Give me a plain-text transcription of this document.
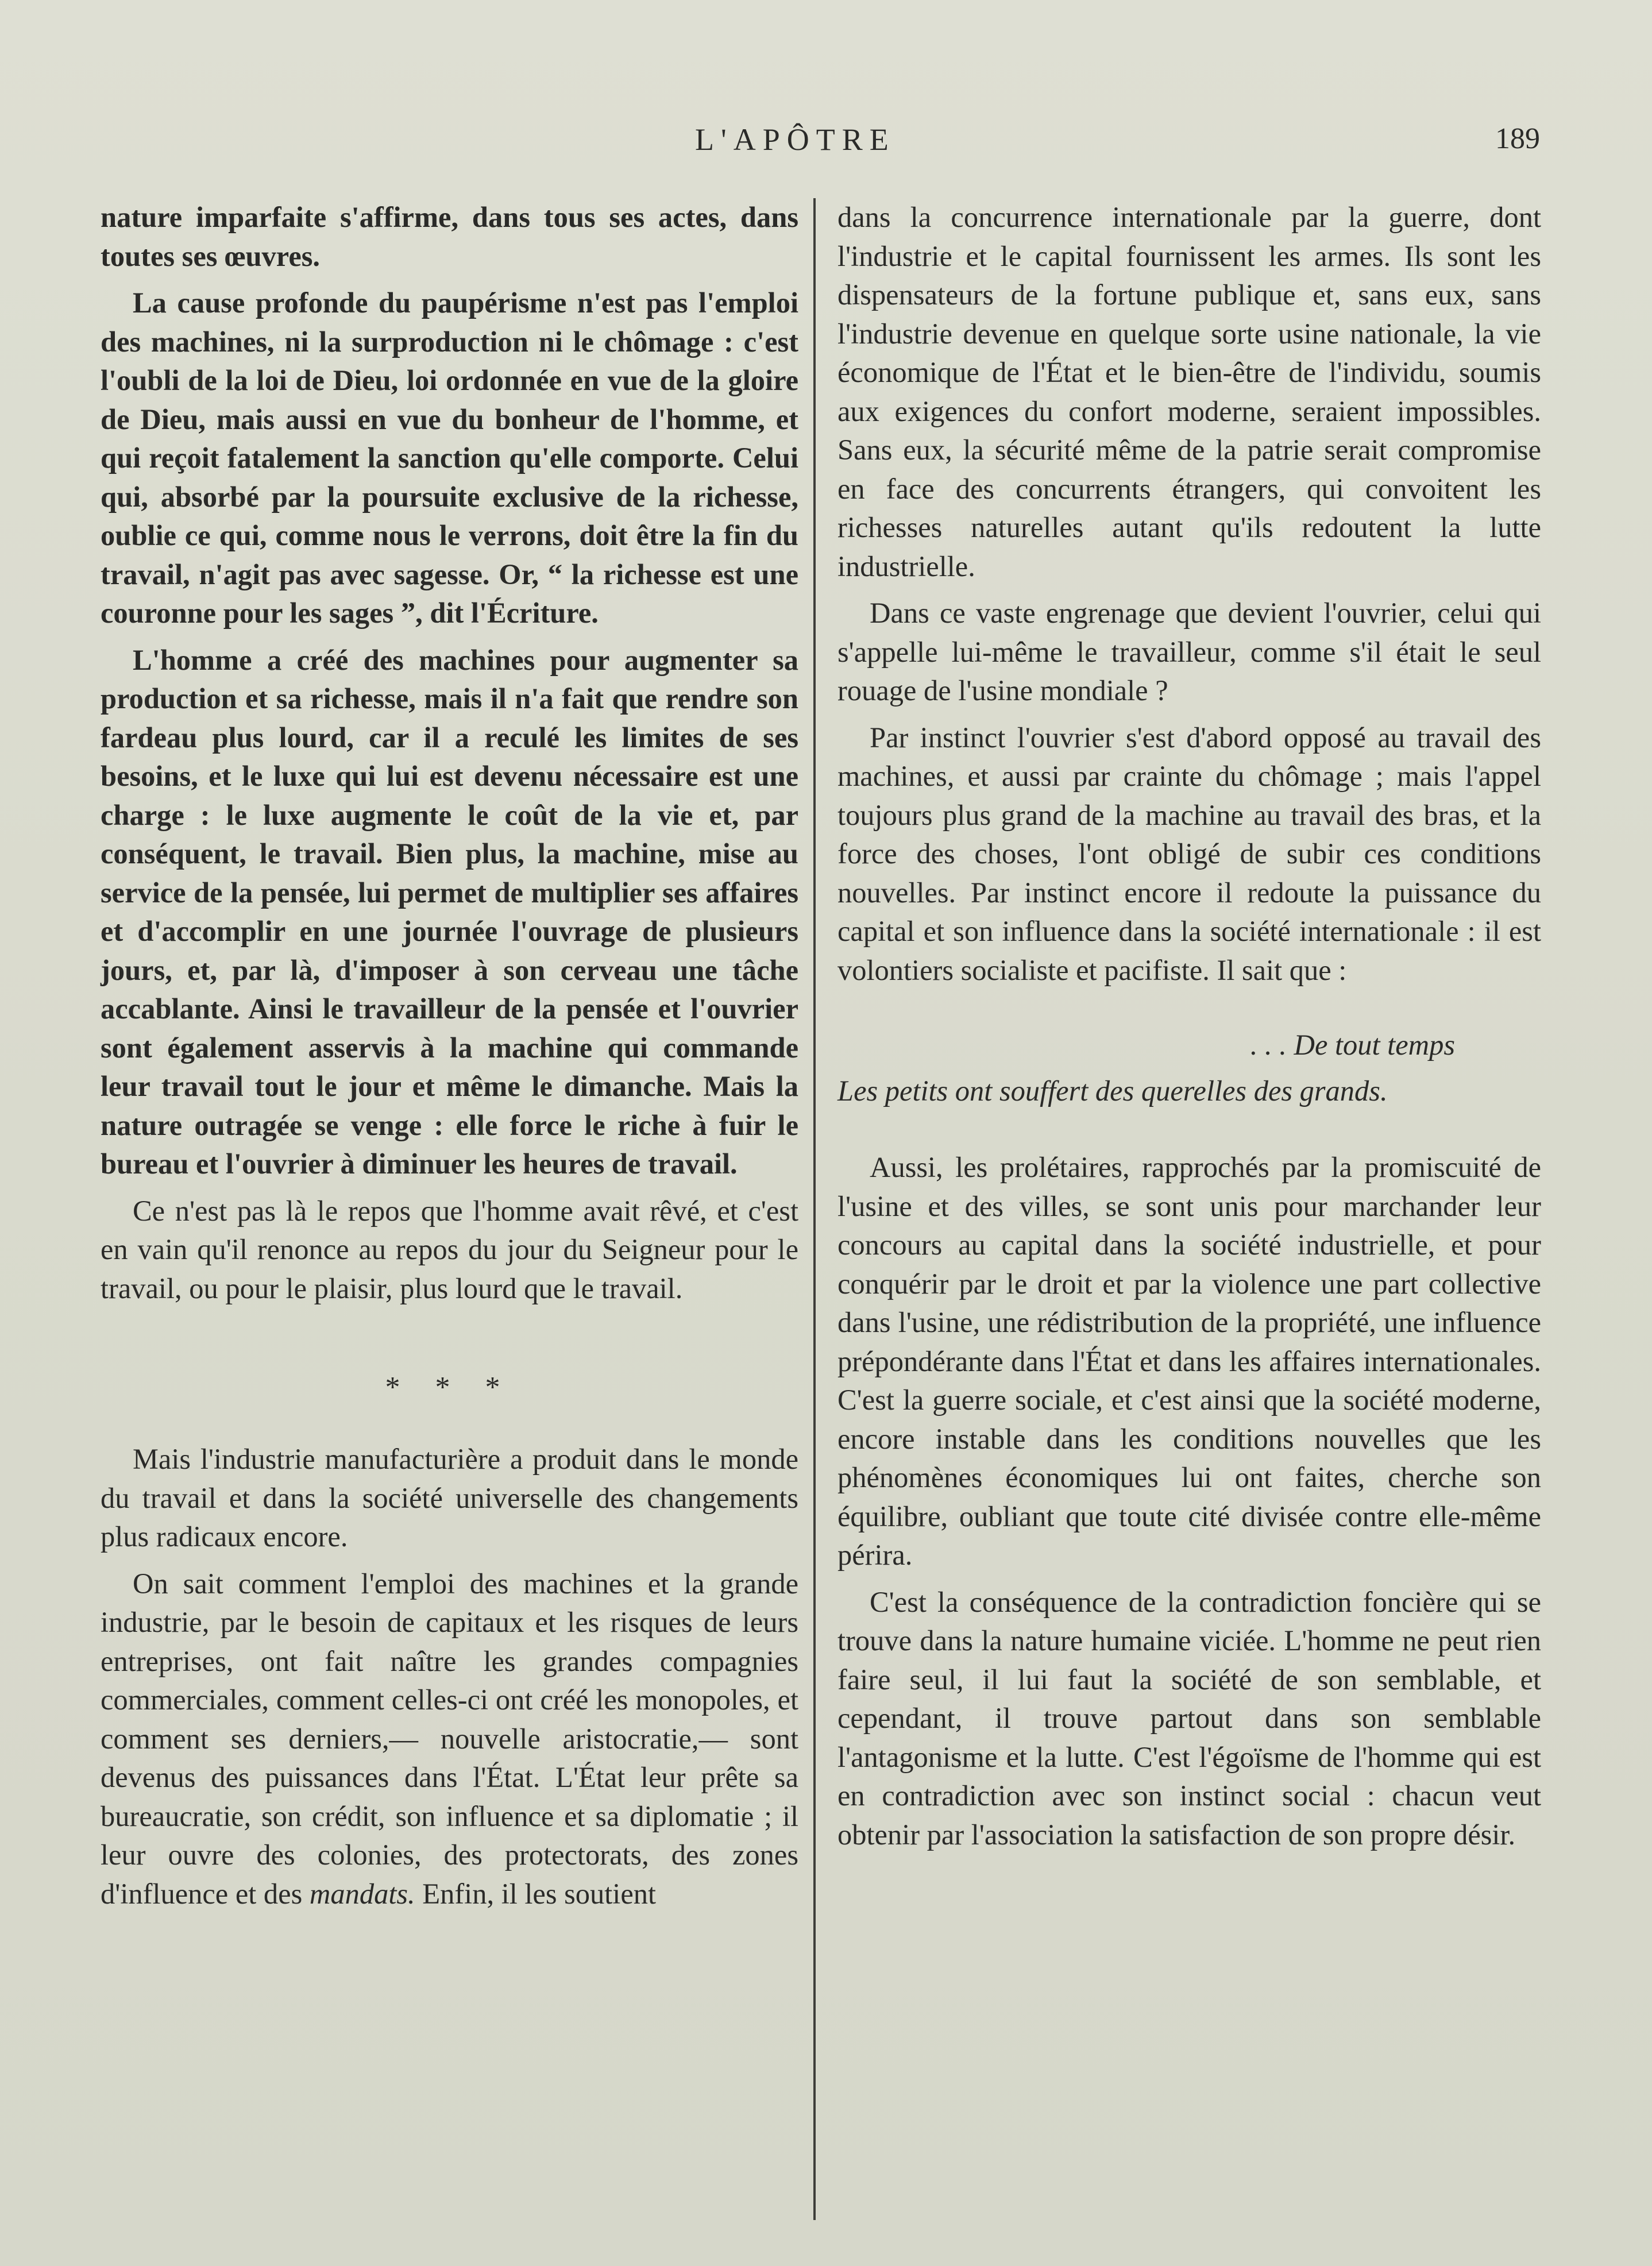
L'APÔTRE	189

nature imparfaite s'affirme, dans tous ses actes, dans toutes ses œuvres.

La cause profonde du paupérisme n'est pas l'emploi des machines, ni la surproduction ni le chômage : c'est l'oubli de la loi de Dieu, loi ordonnée en vue de la gloire de Dieu, mais aussi en vue du bonheur de l'homme, et qui reçoit fatalement la sanction qu'elle comporte. Celui qui, absorbé par la poursuite exclusive de la richesse, oublie ce qui, comme nous le verrons, doit être la fin du travail, n'agit pas avec sagesse. Or, “ la richesse est une couronne pour les sages ”, dit l'Écriture.

L'homme a créé des machines pour augmenter sa production et sa richesse, mais il n'a fait que rendre son fardeau plus lourd, car il a reculé les limites de ses besoins, et le luxe qui lui est devenu nécessaire est une charge : le luxe augmente le coût de la vie et, par conséquent, le travail. Bien plus, la machine, mise au service de la pensée, lui permet de multiplier ses affaires et d'accomplir en une journée l'ouvrage de plusieurs jours, et, par là, d'imposer à son cerveau une tâche accablante. Ainsi le travailleur de la pensée et l'ouvrier sont également asservis à la machine qui commande leur travail tout le jour et même le dimanche. Mais la nature outragée se venge : elle force le riche à fuir le bureau et l'ouvrier à diminuer les heures de travail.

Ce n'est pas là le repos que l'homme avait rêvé, et c'est en vain qu'il renonce au repos du jour du Seigneur pour le travail, ou pour le plaisir, plus lourd que le travail.

* * *

Mais l'industrie manufacturière a produit dans le monde du travail et dans la société universelle des changements plus radicaux encore.

On sait comment l'emploi des machines et la grande industrie, par le besoin de capitaux et les risques de leurs entreprises, ont fait naître les grandes compagnies commerciales, comment celles-ci ont créé les monopoles, et comment ses derniers,— nouvelle aristocratie,— sont devenus des puissances dans l'État. L'État leur prête sa bureaucratie, son crédit, son influence et sa diplomatie ; il leur ouvre des colonies, des protectorats, des zones d'influence et des mandats. Enfin, il les soutient

dans la concurrence internationale par la guerre, dont l'industrie et le capital fournissent les armes. Ils sont les dispensateurs de la fortune publique et, sans eux, sans l'industrie devenue en quelque sorte usine nationale, la vie économique de l'État et le bien-être de l'individu, soumis aux exigences du confort moderne, seraient impossibles. Sans eux, la sécurité même de la patrie serait compromise en face des concurrents étrangers, qui convoitent les richesses naturelles autant qu'ils redoutent la lutte industrielle.

Dans ce vaste engrenage que devient l'ouvrier, celui qui s'appelle lui-même le travailleur, comme s'il était le seul rouage de l'usine mondiale ?

Par instinct l'ouvrier s'est d'abord opposé au travail des machines, et aussi par crainte du chômage ; mais l'appel toujours plus grand de la machine au travail des bras, et la force des choses, l'ont obligé de subir ces conditions nouvelles. Par instinct encore il redoute la puissance du capital et son influence dans la société internationale : il est volontiers socialiste et pacifiste. Il sait que :

. . . De tout temps
Les petits ont souffert des querelles des grands.

Aussi, les prolétaires, rapprochés par la promiscuité de l'usine et des villes, se sont unis pour marchander leur concours au capital dans la société industrielle, et pour conquérir par le droit et par la violence une part collective dans l'usine, une rédistribution de la propriété, une influence prépondérante dans l'État et dans les affaires internationales. C'est la guerre sociale, et c'est ainsi que la société moderne, encore instable dans les conditions nouvelles que les phénomènes économiques lui ont faites, cherche son équilibre, oubliant que toute cité divisée contre elle-même périra.

C'est la conséquence de la contradiction foncière qui se trouve dans la nature humaine viciée. L'homme ne peut rien faire seul, il lui faut la société de son semblable, et cependant, il trouve partout dans son semblable l'antagonisme et la lutte. C'est l'égoïsme de l'homme qui est en contradiction avec son instinct social : chacun veut obtenir par l'association la satisfaction de son propre désir.
